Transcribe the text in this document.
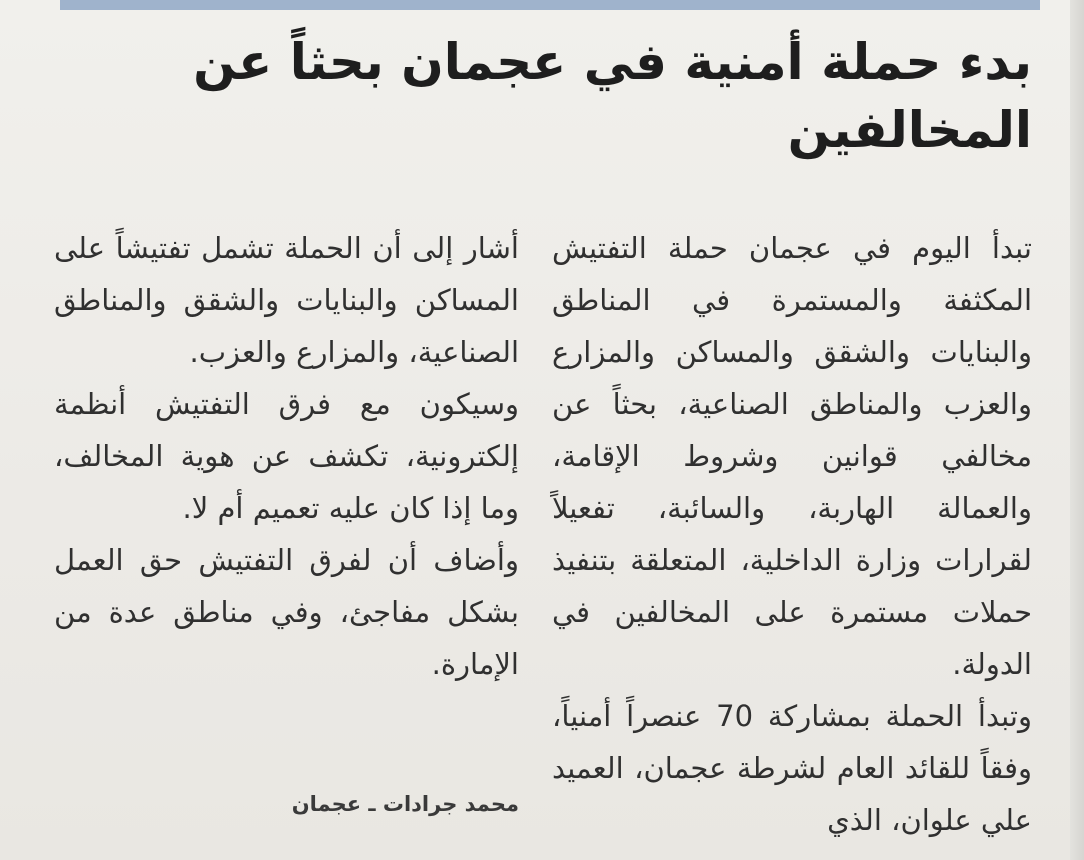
بدء حملة أمنية في عجمان بحثاً عن المخالفين

تبدأ اليوم في عجمان حملة التفتيش المكثفة والمستمرة في المناطق والبنايات والشقق والمساكن والمزارع والعزب والمناطق الصناعية، بحثاً عن مخالفي قوانين وشروط الإقامة، والعمالة الهاربة، والسائبة، تفعيلاً لقرارات وزارة الداخلية، المتعلقة بتنفيذ حملات مستمرة على المخالفين في الدولة.

وتبدأ الحملة بمشاركة 70 عنصراً أمنياً، وفقاً للقائد العام لشرطة عجمان، العميد علي علوان، الذي

أشار إلى أن الحملة تشمل تفتيشاً على المساكن والبنايات والشقق والمناطق الصناعية، والمزارع والعزب.

وسيكون مع فرق التفتيش أنظمة إلكترونية، تكشف عن هوية المخالف، وما إذا كان عليه تعميم أم لا.

وأضاف أن لفرق التفتيش حق العمل بشكل مفاجئ، وفي مناطق عدة من الإمارة.

محمد جرادات ـ عجمان
